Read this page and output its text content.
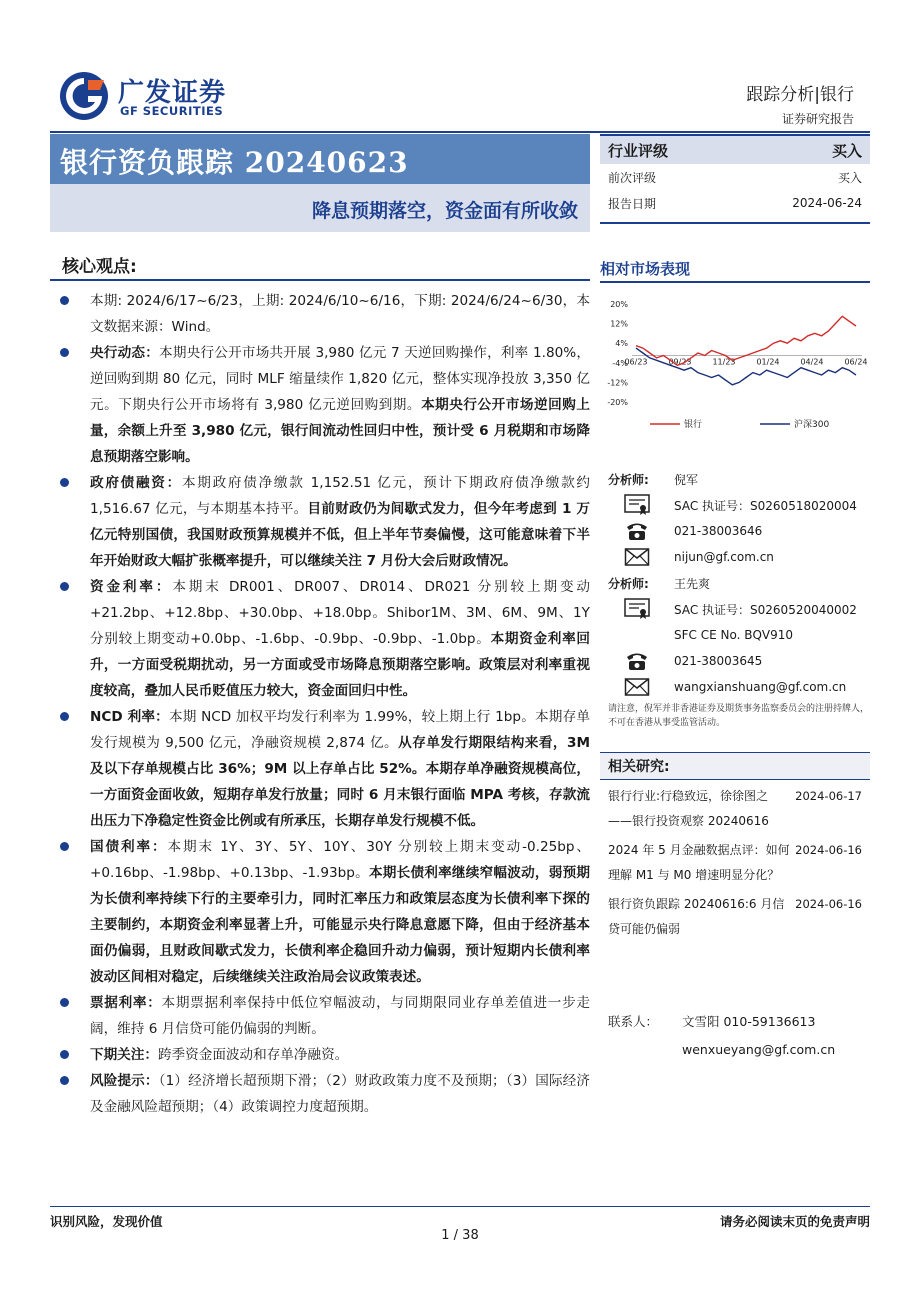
广发证券
GF SECURITIES
跟踪分析|银行
证券研究报告
银行资负跟踪 20240623
降息预期落空，资金面有所收敛
行业评级	买入
前次评级	买入
报告日期	2024-06-24
核心观点:
本期: 2024/6/17~6/23，上期: 2024/6/10~6/16，下期: 2024/6/24~6/30，本文数据来源：Wind。
央行动态：本期央行公开市场共开展 3,980 亿元 7 天逆回购操作，利率 1.80%，逆回购到期 80 亿元，同时 MLF 缩量续作 1,820 亿元，整体实现净投放 3,350 亿元。下期央行公开市场将有 3,980 亿元逆回购到期。本期央行公开市场逆回购上量，余额上升至 3,980 亿元，银行间流动性回归中性，预计受 6 月税期和市场降息预期落空影响。
政府债融资：本期政府债净缴款 1,152.51 亿元，预计下期政府债净缴款约 1,516.67 亿元，与本期基本持平。目前财政仍为间歇式发力，但今年考虑到 1 万亿元特别国债，我国财政预算规模并不低，但上半年节奏偏慢，这可能意味着下半年开始财政大幅扩张概率提升，可以继续关注 7 月份大会后财政情况。
资金利率：本期末 DR001、DR007、DR014、DR021 分别较上期变动 +21.2bp、+12.8bp、+30.0bp、+18.0bp。Shibor1M、3M、6M、9M、1Y 分别较上期变动+0.0bp、-1.6bp、-0.9bp、-0.9bp、-1.0bp。本期资金利率回升，一方面受税期扰动，另一方面或受市场降息预期落空影响。政策层对利率重视度较高，叠加人民币贬值压力较大，资金面回归中性。
NCD 利率：本期 NCD 加权平均发行利率为 1.99%，较上期上行 1bp。本期存单发行规模为 9,500 亿元，净融资规模 2,874 亿。从存单发行期限结构来看，3M 及以下存单规模占比 36%；9M 以上存单占比 52%。本期存单净融资规模高位，一方面资金面收敛，短期存单发行放量；同时 6 月末银行面临 MPA 考核，存款流出压力下净稳定性资金比例或有所承压，长期存单发行规模不低。
国债利率：本期末 1Y、3Y、5Y、10Y、30Y 分别较上期末变动-0.25bp、+0.16bp、-1.98bp、+0.13bp、-1.93bp。本期长债利率继续窄幅波动，弱预期为长债利率持续下行的主要牵引力，同时汇率压力和政策层态度为长债利率下探的主要制约，本期资金利率显著上升，可能显示央行降息意愿下降，但由于经济基本面仍偏弱，且财政间歇式发力，长债利率企稳回升动力偏弱，预计短期内长债利率波动区间相对稳定，后续继续关注政治局会议政策表述。
票据利率：本期票据利率保持中低位窄幅波动，与同期限同业存单差值进一步走阔，维持 6 月信贷可能仍偏弱的判断。
下期关注：跨季资金面波动和存单净融资。
风险提示：（1）经济增长超预期下滑；（2）财政政策力度不及预期；（3）国际经济及金融风险超预期；（4）政策调控力度超预期。
相对市场表现
20%
12%
4%
-4%
-12%
-20%
06/23	09/23	11/23	01/24	04/24	06/24
银行	沪深300
分析师:	倪军
SAC 执证号：S0260518020004
021-38003646
nijun@gf.com.cn
分析师:	王先爽
SAC 执证号：S0260520040002
SFC CE No. BQV910
021-38003645
wangxianshuang@gf.com.cn
请注意，倪军并非香港证券及期货事务监察委员会的注册持牌人，不可在香港从事受监管活动。
相关研究:
银行行业:行稳致远，徐徐图之——银行投资观察 20240616
2024-06-17
2024 年 5 月金融数据点评：如何理解 M1 与 M0 增速明显分化？
2024-06-16
银行资负跟踪 20240616:6 月信贷可能仍偏弱
2024-06-16
联系人： 文雪阳 010-59136613
wenxueyang@gf.com.cn
识别风险，发现价值	请务必阅读末页的免责声明
1 / 38
